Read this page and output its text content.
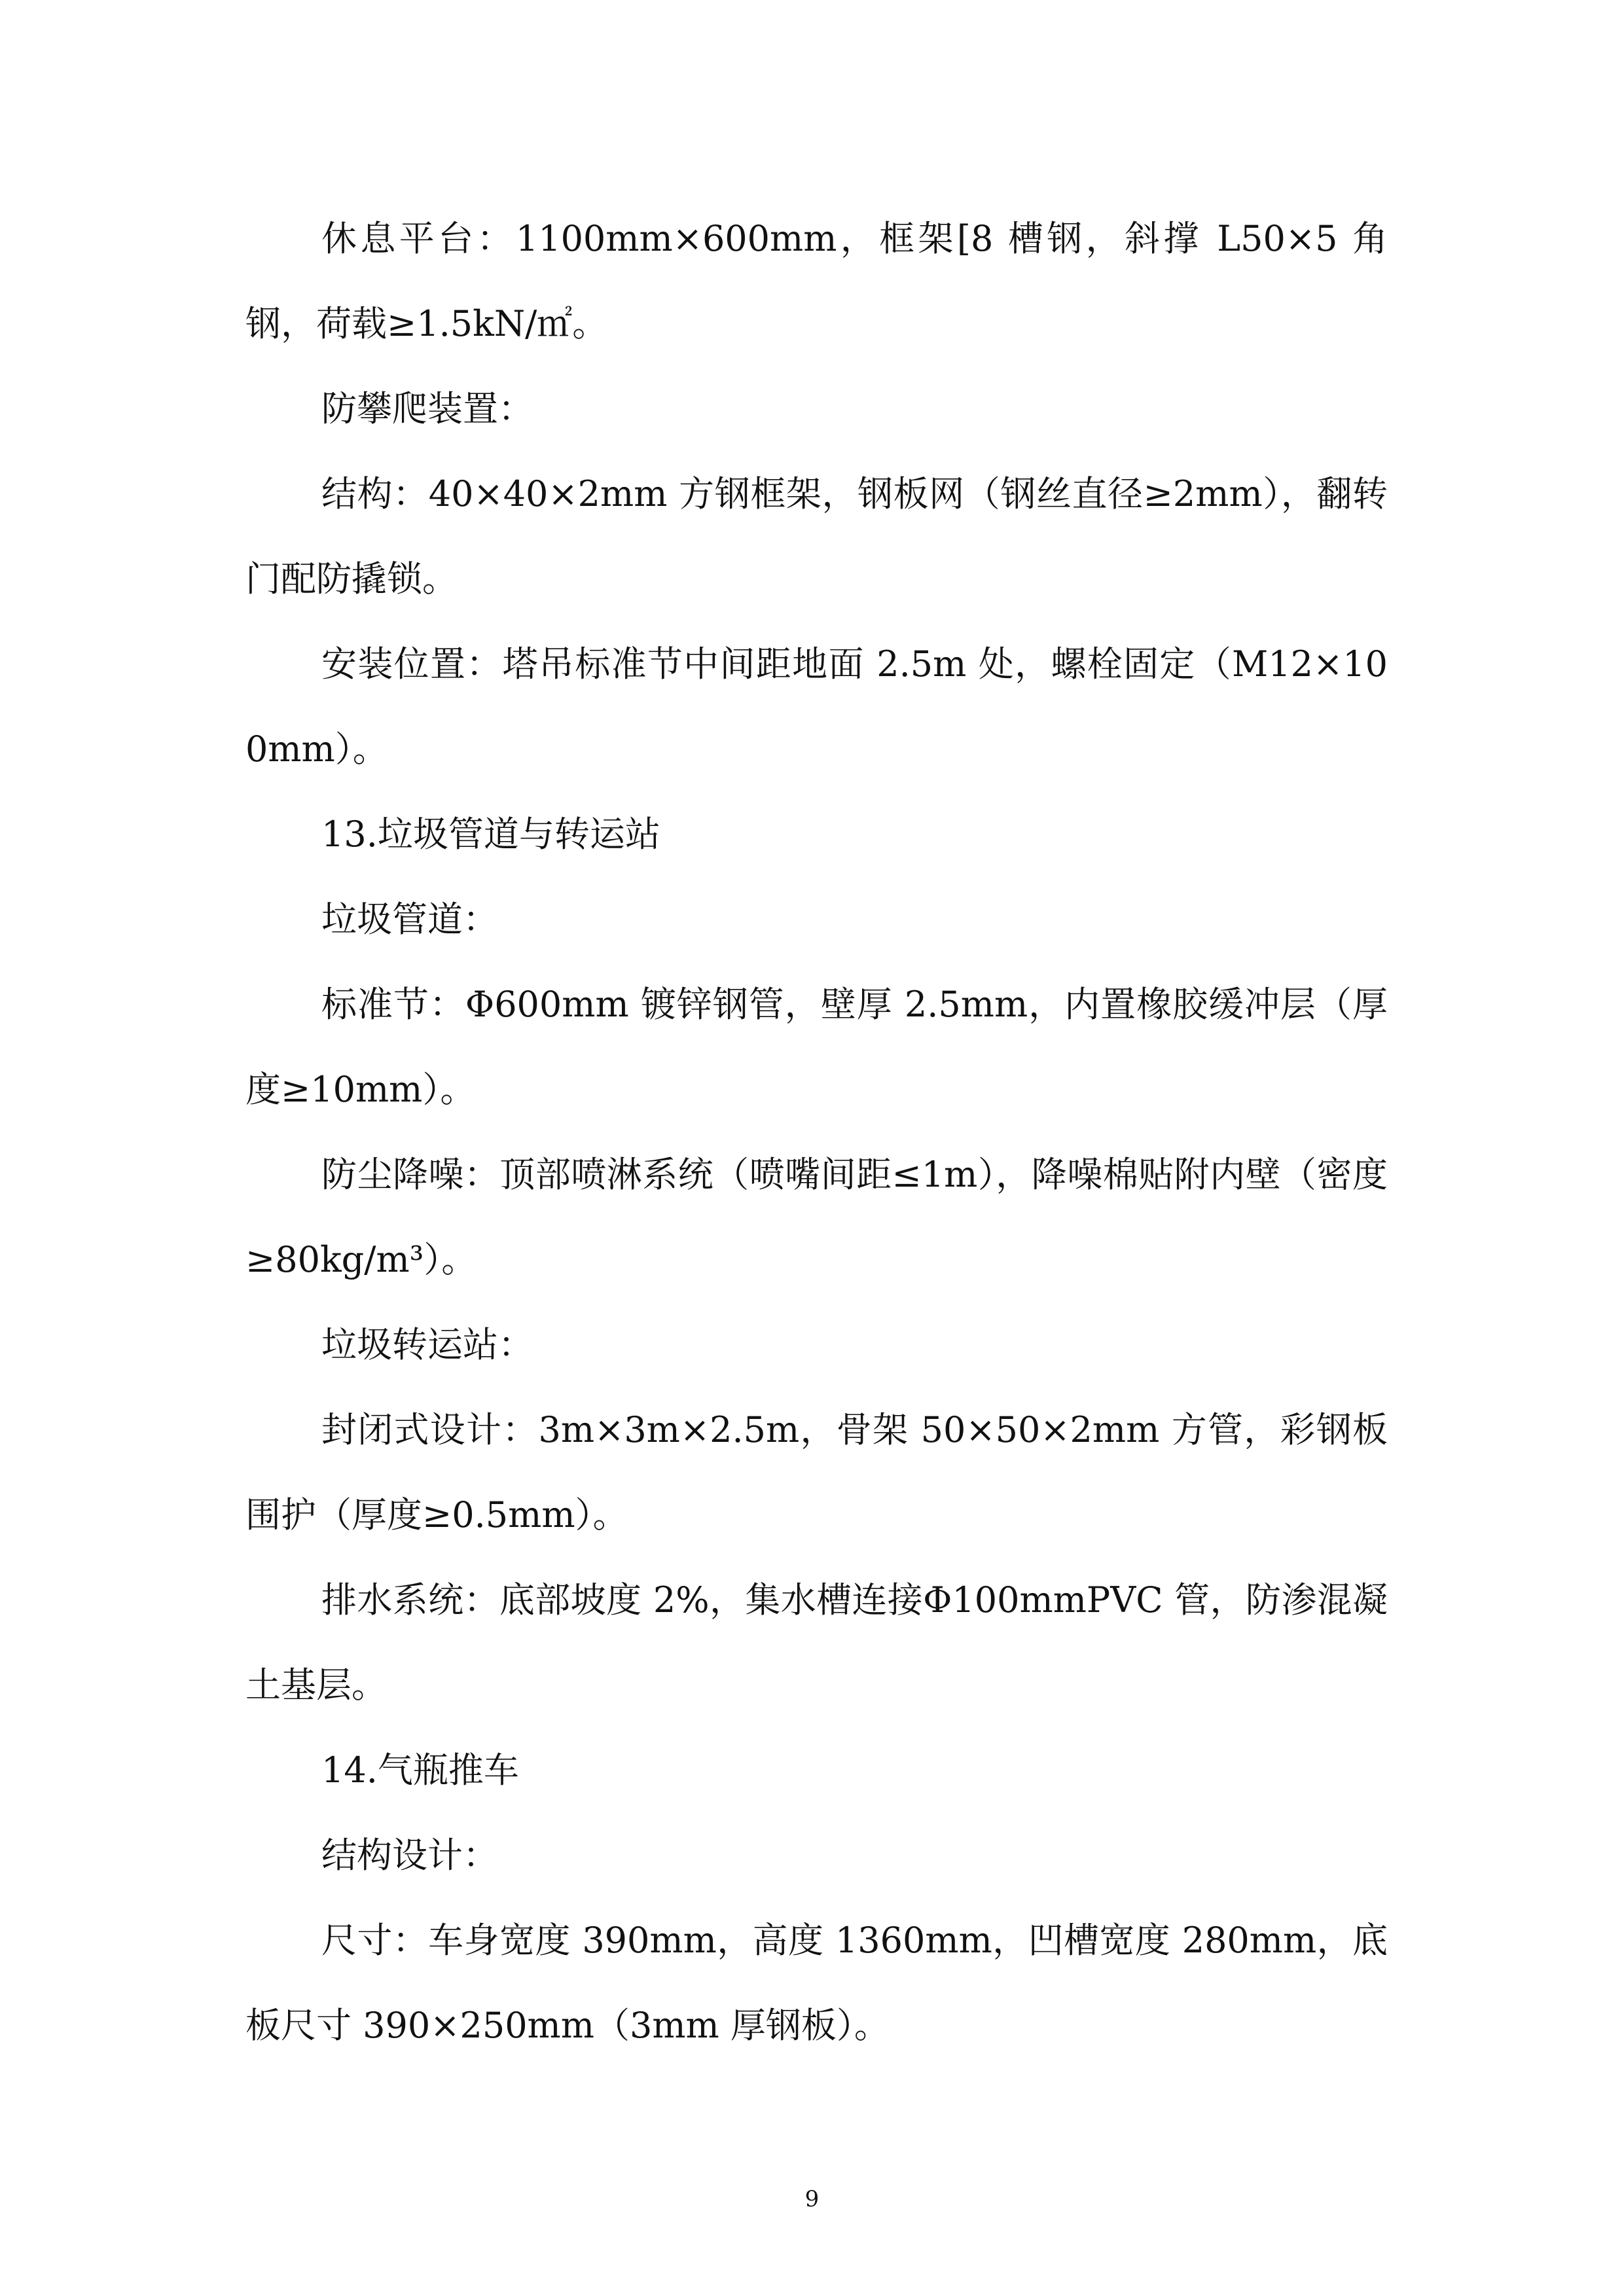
休息平台：1100mm×600mm，框架[8 槽钢，斜撑 L50×5 角钢，荷载≥1.5kN/㎡。

防攀爬装置：

结构：40×40×2mm 方钢框架，钢板网（钢丝直径≥2mm），翻转门配防撬锁。

安装位置：塔吊标准节中间距地面 2.5m 处，螺栓固定（M12×100mm）。

13.垃圾管道与转运站

垃圾管道：

标准节：Φ600mm 镀锌钢管，壁厚 2.5mm，内置橡胶缓冲层（厚度≥10mm）。

防尘降噪：顶部喷淋系统（喷嘴间距≤1m），降噪棉贴附内壁（密度≥80kg/m³）。

垃圾转运站：

封闭式设计：3m×3m×2.5m，骨架 50×50×2mm 方管，彩钢板围护（厚度≥0.5mm）。

排水系统：底部坡度 2%，集水槽连接Φ100mmPVC 管，防渗混凝土基层。

14.气瓶推车

结构设计：

尺寸：车身宽度 390mm，高度 1360mm，凹槽宽度 280mm，底板尺寸 390×250mm（3mm 厚钢板）。

9
